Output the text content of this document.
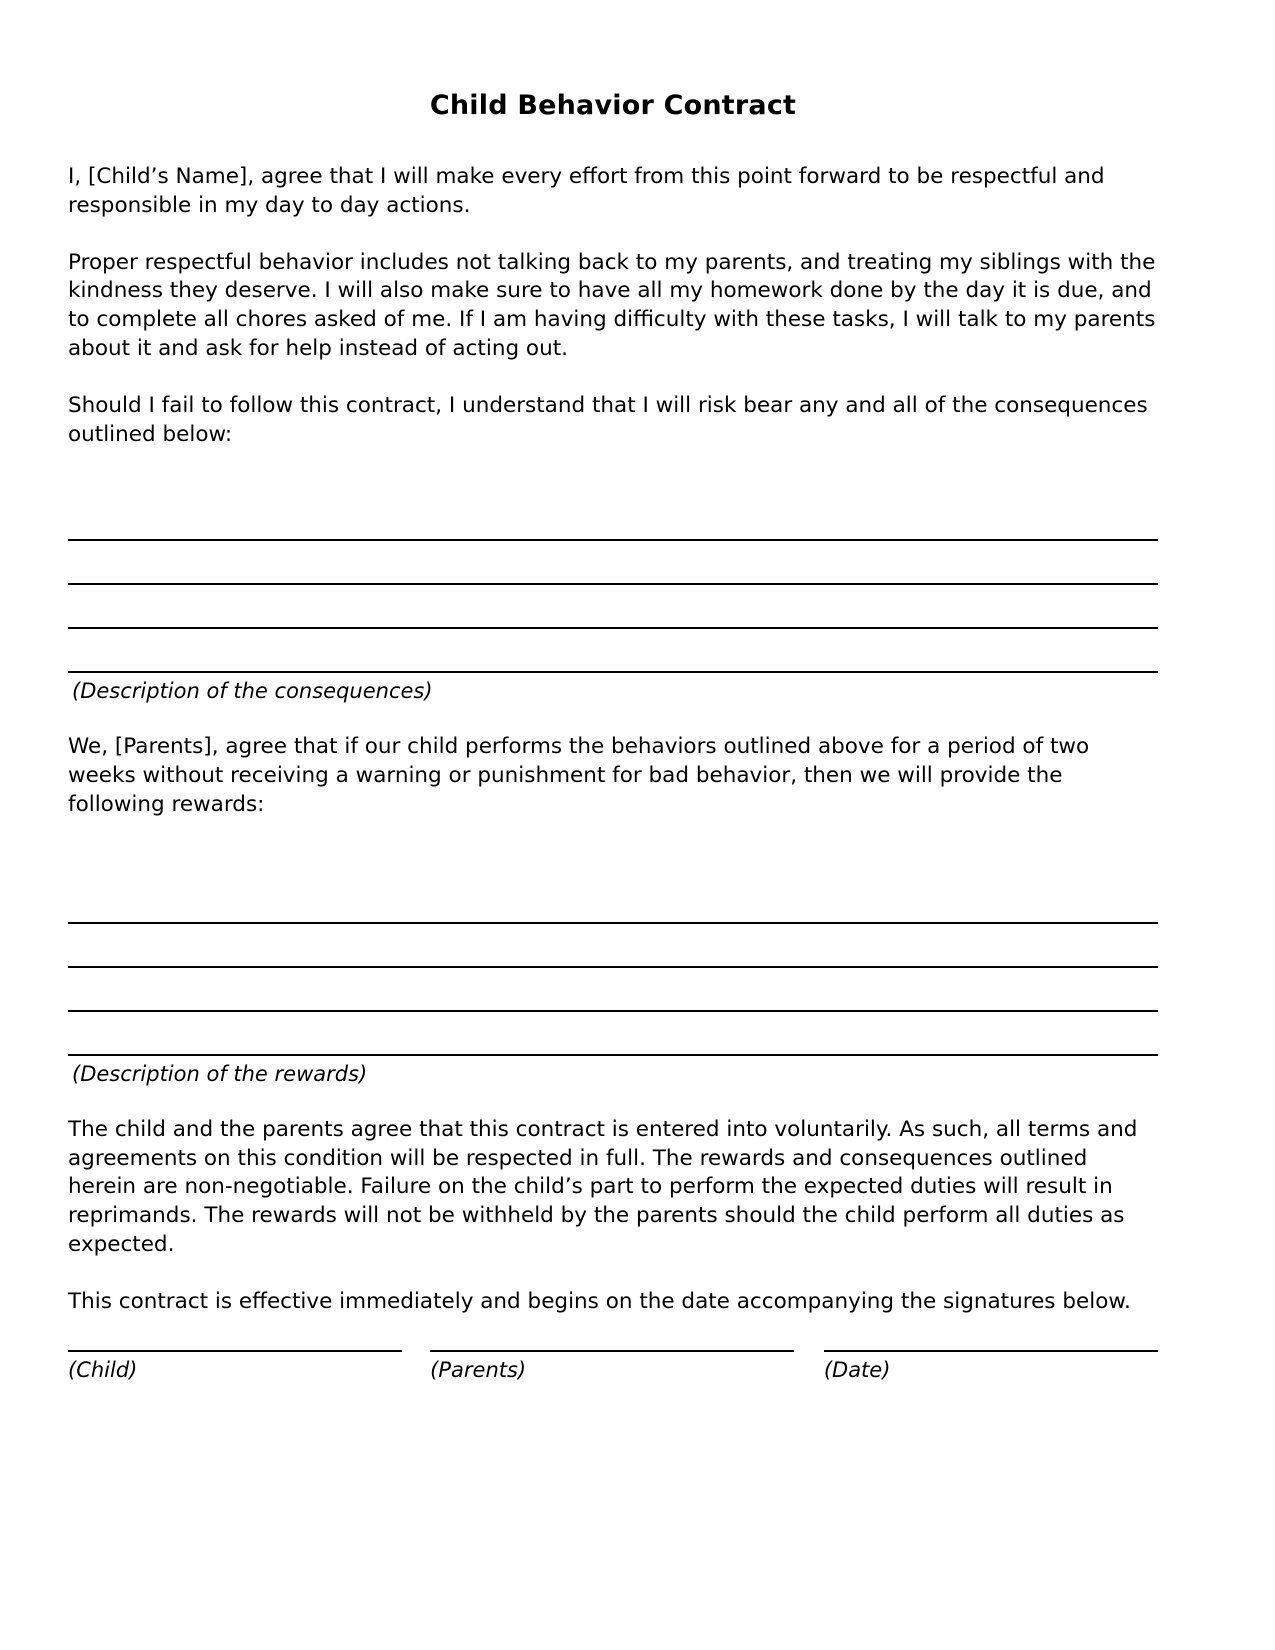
Child Behavior Contract

I, [Child’s Name], agree that I will make every effort from this point forward to be respectful and responsible in my day to day actions.

Proper respectful behavior includes not talking back to my parents, and treating my siblings with the kindness they deserve. I will also make sure to have all my homework done by the day it is due, and to complete all chores asked of me. If I am having difficulty with these tasks, I will talk to my parents about it and ask for help instead of acting out.

Should I fail to follow this contract, I understand that I will risk bear any and all of the consequences outlined below:

(Description of the consequences)

We, [Parents], agree that if our child performs the behaviors outlined above for a period of two weeks without receiving a warning or punishment for bad behavior, then we will provide the following rewards:

(Description of the rewards)

The child and the parents agree that this contract is entered into voluntarily. As such, all terms and agreements on this condition will be respected in full. The rewards and consequences outlined herein are non-negotiable. Failure on the child’s part to perform the expected duties will result in reprimands. The rewards will not be withheld by the parents should the child perform all duties as expected.

This contract is effective immediately and begins on the date accompanying the signatures below.

(Child)	(Parents)	(Date)
